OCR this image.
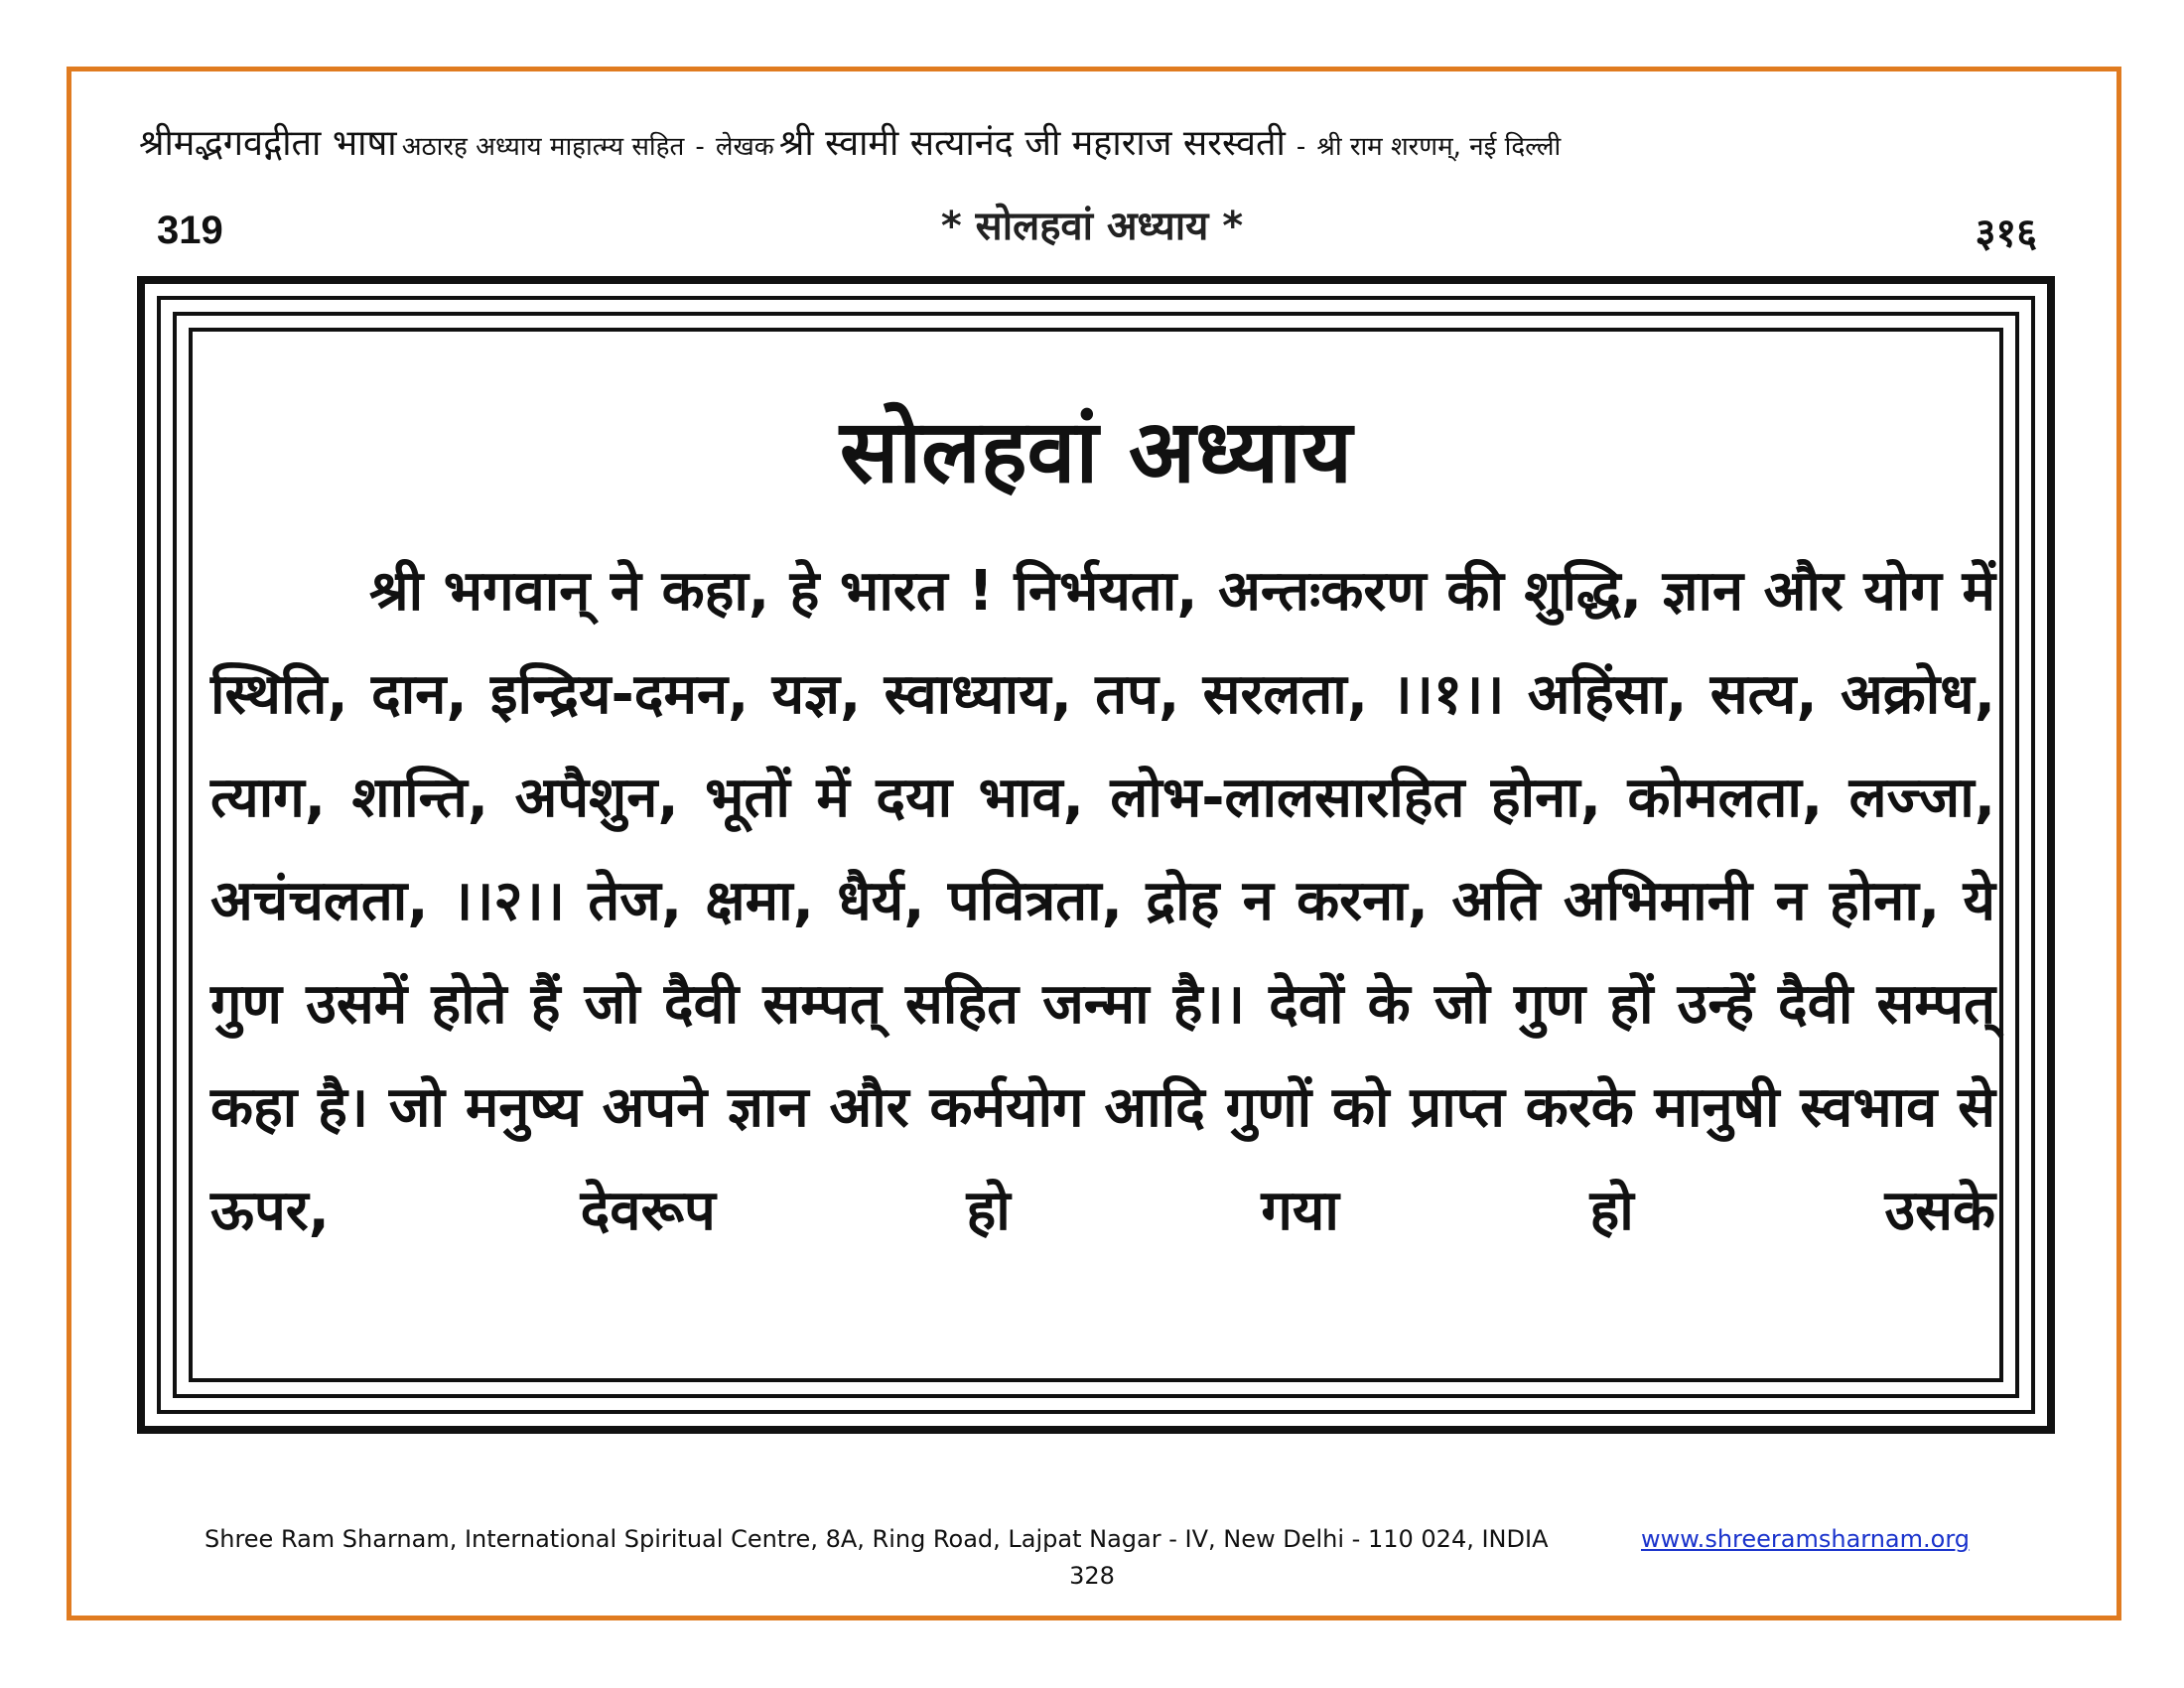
श्रीमद्भगवद्गीता भाषा अठारह अध्याय माहात्म्य सहित - लेखक श्री स्वामी सत्यानंद जी महाराज सरस्वती - श्री राम शरणम्, नई दिल्ली
319	* सोलहवां अध्याय *	३१६
सोलहवां अध्याय
श्री भगवान् ने कहा, हे भारत ! निर्भयता, अन्तःकरण की शुद्धि, ज्ञान और योग में स्थिति, दान, इन्द्रिय-दमन, यज्ञ, स्वाध्याय, तप, सरलता, ।।१।। अहिंसा, सत्य, अक्रोध, त्याग, शान्ति, अपैशुन, भूतों में दया भाव, लोभ-लालसारहित होना, कोमलता, लज्जा, अचंचलता, ।।२।। तेज, क्षमा, धैर्य, पवित्रता, द्रोह न करना, अति अभिमानी न होना, ये गुण उसमें होते हैं जो दैवी सम्पत् सहित जन्मा है।। देवों के जो गुण हों उन्हें दैवी सम्पत् कहा है। जो मनुष्य अपने ज्ञान और कर्मयोग आदि गुणों को प्राप्त करके मानुषी स्वभाव से ऊपर, देवरूप हो गया हो उसके
Shree Ram Sharnam, International Spiritual Centre, 8A, Ring Road, Lajpat Nagar - IV, New Delhi - 110 024, INDIA	www.shreeramsharnam.org
328
